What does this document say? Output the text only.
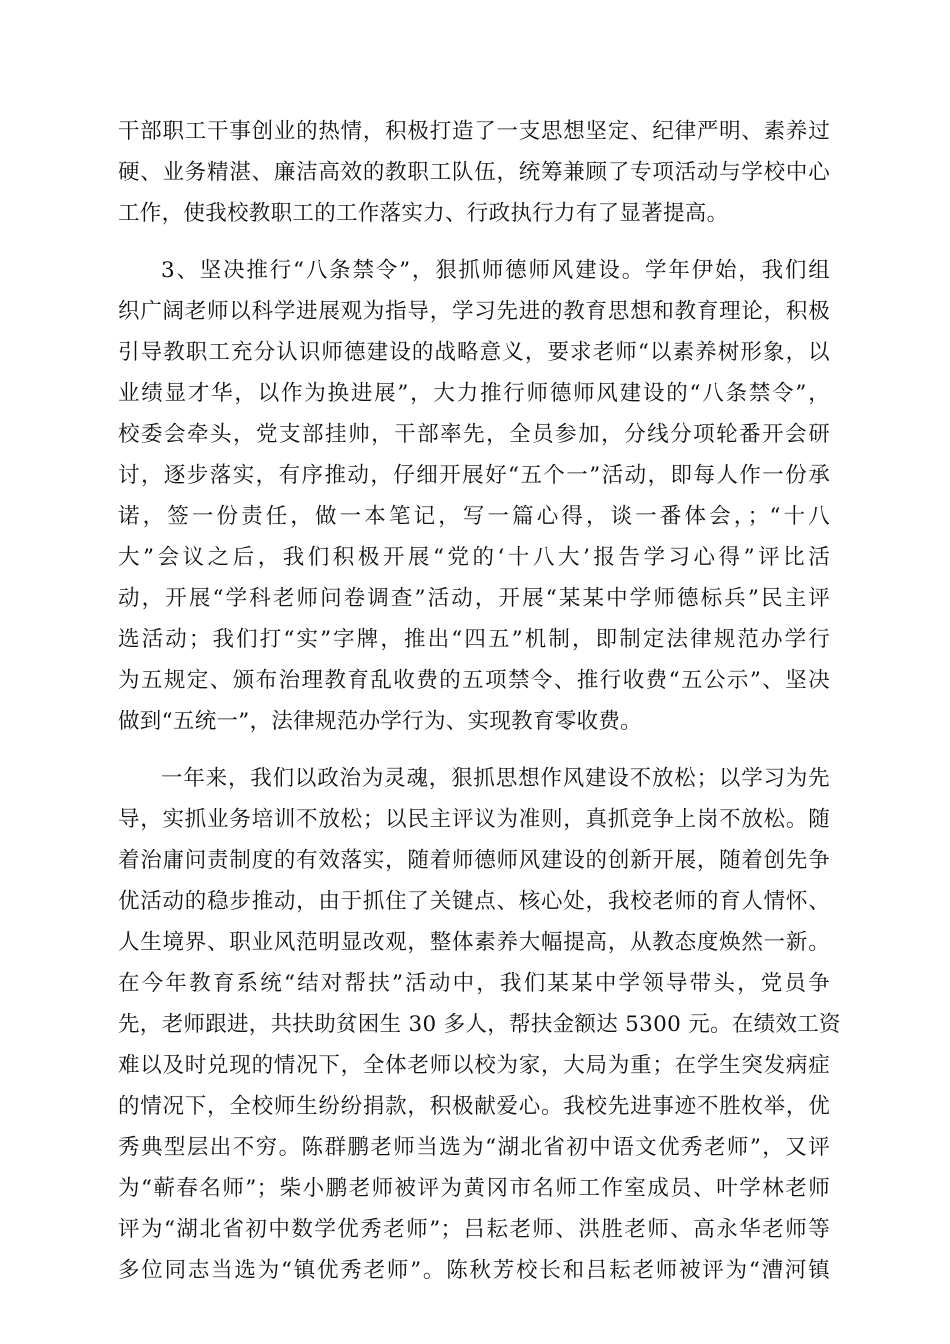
干部职工干事创业的热情，积极打造了一支思想坚定、纪律严明、素养过
硬、业务精湛、廉洁高效的教职工队伍，统筹兼顾了专项活动与学校中心
工作，使我校教职工的工作落实力、行政执行力有了显著提高。
3、坚决推行“八条禁令”，狠抓师德师风建设。学年伊始，我们组
织广阔老师以科学进展观为指导，学习先进的教育思想和教育理论，积极
引导教职工充分认识师德建设的战略意义，要求老师“以素养树形象，以
业绩显才华，以作为换进展”，大力推行师德师风建设的“八条禁令”，
校委会牵头，党支部挂帅，干部率先，全员参加，分线分项轮番开会研
讨，逐步落实，有序推动，仔细开展好“五个一”活动，即每人作一份承
诺，签一份责任，做一本笔记，写一篇心得，谈一番体会，；“十八
大”会议之后，我们积极开展“党的‘十八大’报告学习心得”评比活
动，开展“学科老师问卷调查”活动，开展“某某中学师德标兵”民主评
选活动；我们打“实”字牌，推出“四五”机制，即制定法律规范办学行
为五规定、颁布治理教育乱收费的五项禁令、推行收费“五公示”、坚决
做到“五统一”，法律规范办学行为、实现教育零收费。
一年来，我们以政治为灵魂，狠抓思想作风建设不放松；以学习为先
导，实抓业务培训不放松；以民主评议为准则，真抓竞争上岗不放松。随
着治庸问责制度的有效落实，随着师德师风建设的创新开展，随着创先争
优活动的稳步推动，由于抓住了关键点、核心处，我校老师的育人情怀、
人生境界、职业风范明显改观，整体素养大幅提高，从教态度焕然一新。
在今年教育系统“结对帮扶”活动中，我们某某中学领导带头，党员争
先，老师跟进，共扶助贫困生 30 多人，帮扶金额达 5300 元。在绩效工资
难以及时兑现的情况下，全体老师以校为家，大局为重；在学生突发病症
的情况下，全校师生纷纷捐款，积极献爱心。我校先进事迹不胜枚举，优
秀典型层出不穷。陈群鹏老师当选为“湖北省初中语文优秀老师”，又评
为“蕲春名师”；柴小鹏老师被评为黄冈市名师工作室成员、叶学林老师
评为“湖北省初中数学优秀老师”；吕耘老师、洪胜老师、高永华老师等
多位同志当选为“镇优秀老师”。陈秋芳校长和吕耘老师被评为“漕河镇
